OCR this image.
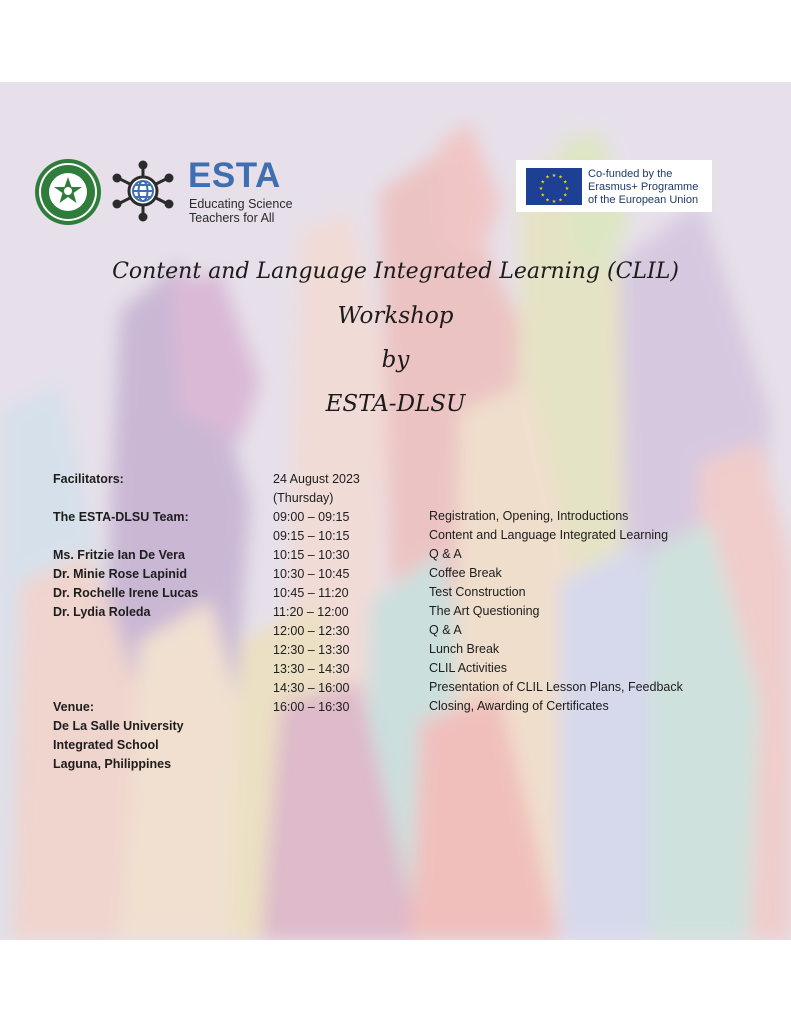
ESTA
Educating Science
Teachers for All
★ ★
★
★
★
★
★
★
★
★
★
★	Co-funded by the
Erasmus+ Programme
of the European Union
Content and Language Integrated Learning (CLIL)
Workshop
by
ESTA-DLSU
Facilitators:
The ESTA-DLSU Team:
Ms. Fritzie Ian De Vera
Dr. Minie Rose Lapinid
Dr. Rochelle Irene Lucas
Dr. Lydia Roleda
Venue:
De La Salle University
Integrated School
Laguna, Philippines
24 August 2023
(Thursday)
09:00 – 09:15
09:15 – 10:15
10:15 – 10:30
10:30 – 10:45
10:45 – 11:20
11:20 – 12:00
12:00 – 12:30
12:30 – 13:30
13:30 – 14:30
14:30 – 16:00
16:00 – 16:30
Registration, Opening, Introductions
Content and Language Integrated Learning
Q & A
Coffee Break
Test Construction
The Art Questioning
Q & A
Lunch Break
CLIL Activities
Presentation of CLIL Lesson Plans, Feedback
Closing, Awarding of Certificates
